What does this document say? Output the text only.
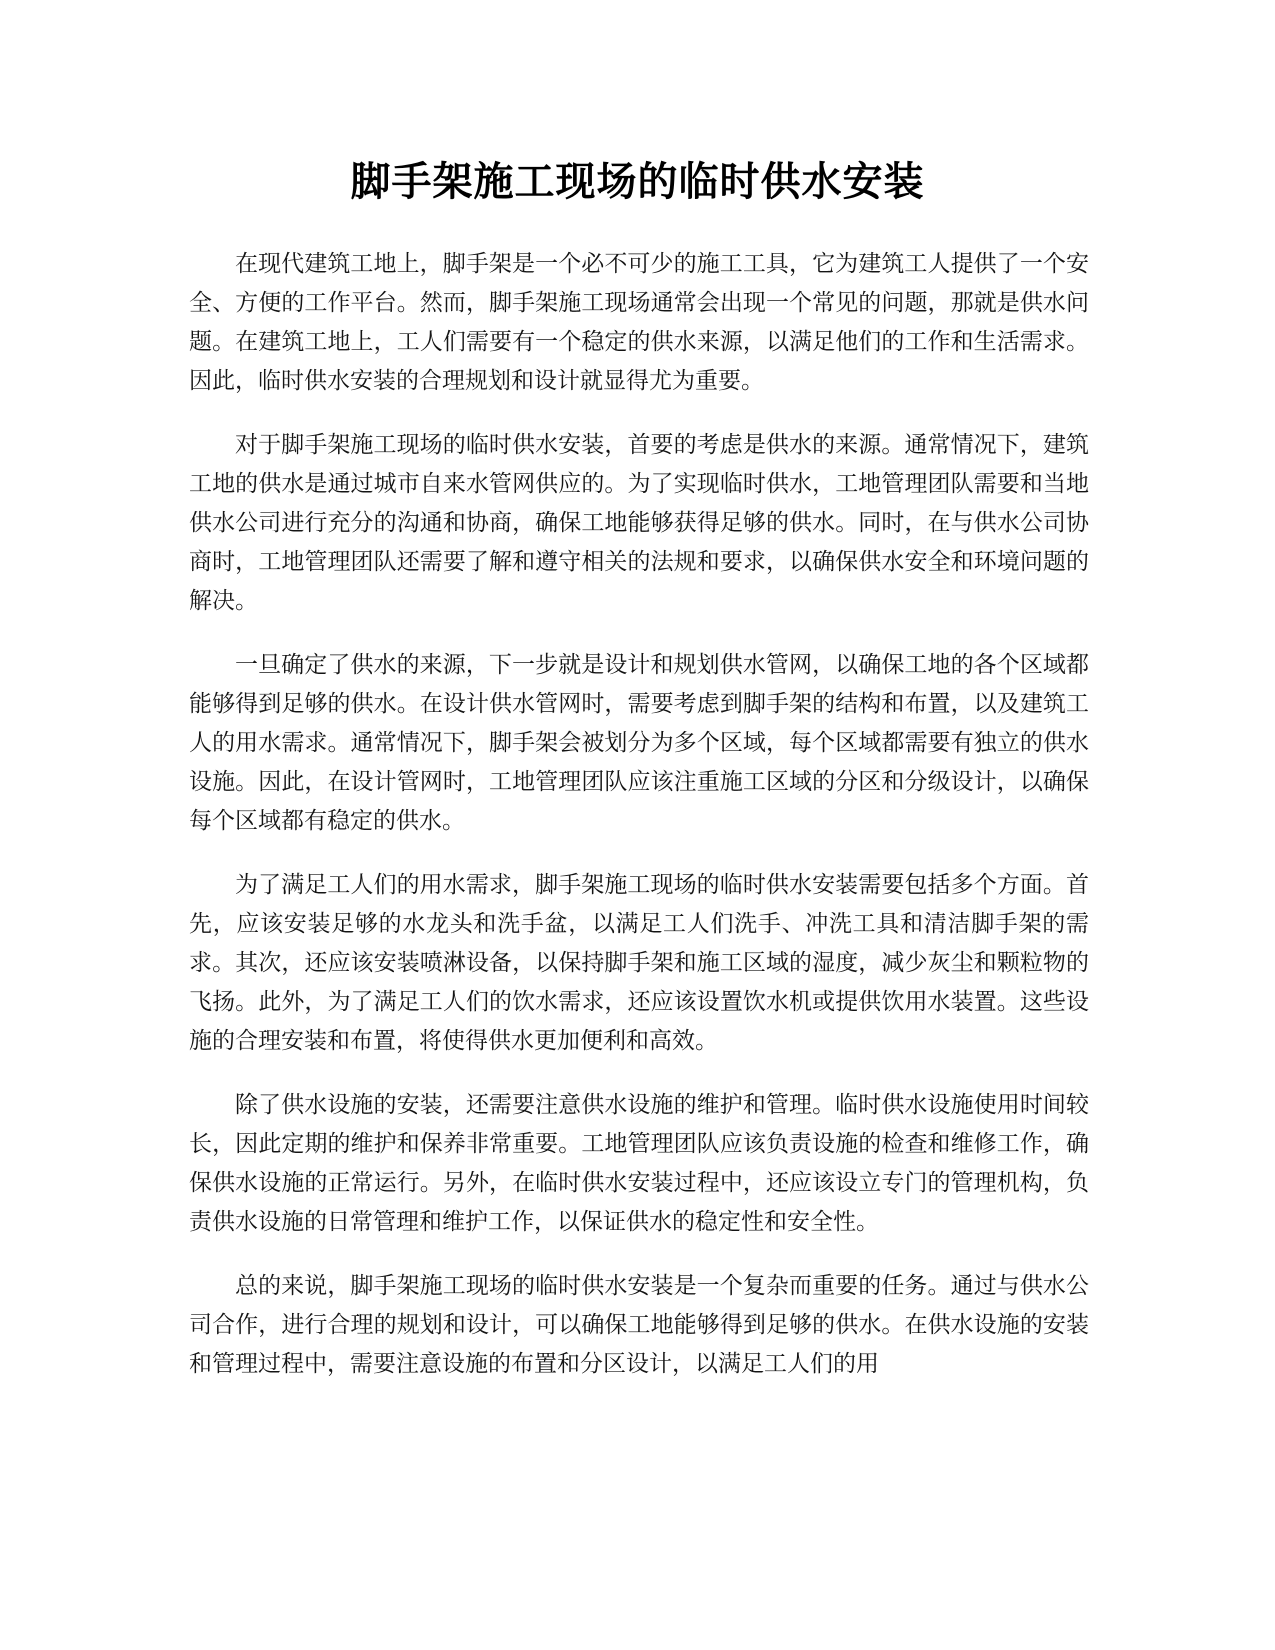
脚手架施工现场的临时供水安装

在现代建筑工地上，脚手架是一个必不可少的施工工具，它为建筑工人提供了一个安全、方便的工作平台。然而，脚手架施工现场通常会出现一个常见的问题，那就是供水问题。在建筑工地上，工人们需要有一个稳定的供水来源，以满足他们的工作和生活需求。因此，临时供水安装的合理规划和设计就显得尤为重要。

对于脚手架施工现场的临时供水安装，首要的考虑是供水的来源。通常情况下，建筑工地的供水是通过城市自来水管网供应的。为了实现临时供水，工地管理团队需要和当地供水公司进行充分的沟通和协商，确保工地能够获得足够的供水。同时，在与供水公司协商时，工地管理团队还需要了解和遵守相关的法规和要求，以确保供水安全和环境问题的解决。

一旦确定了供水的来源，下一步就是设计和规划供水管网，以确保工地的各个区域都能够得到足够的供水。在设计供水管网时，需要考虑到脚手架的结构和布置，以及建筑工人的用水需求。通常情况下，脚手架会被划分为多个区域，每个区域都需要有独立的供水设施。因此，在设计管网时，工地管理团队应该注重施工区域的分区和分级设计，以确保每个区域都有稳定的供水。

为了满足工人们的用水需求，脚手架施工现场的临时供水安装需要包括多个方面。首先，应该安装足够的水龙头和洗手盆，以满足工人们洗手、冲洗工具和清洁脚手架的需求。其次，还应该安装喷淋设备，以保持脚手架和施工区域的湿度，减少灰尘和颗粒物的飞扬。此外，为了满足工人们的饮水需求，还应该设置饮水机或提供饮用水装置。这些设施的合理安装和布置，将使得供水更加便利和高效。

除了供水设施的安装，还需要注意供水设施的维护和管理。临时供水设施使用时间较长，因此定期的维护和保养非常重要。工地管理团队应该负责设施的检查和维修工作，确保供水设施的正常运行。另外，在临时供水安装过程中，还应该设立专门的管理机构，负责供水设施的日常管理和维护工作，以保证供水的稳定性和安全性。

总的来说，脚手架施工现场的临时供水安装是一个复杂而重要的任务。通过与供水公司合作，进行合理的规划和设计，可以确保工地能够得到足够的供水。在供水设施的安装和管理过程中，需要注意设施的布置和分区设计，以满足工人们的用
